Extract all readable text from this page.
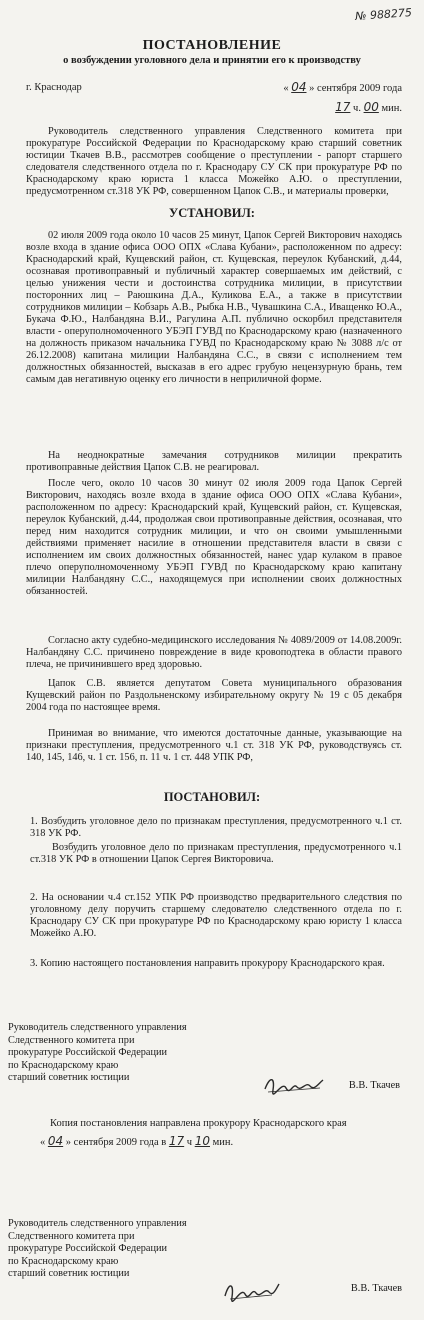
№ 988275
ПОСТАНОВЛЕНИЕ
о возбуждении уголовного дела и принятии его к производству
г. Краснодар	« 04 » сентября 2009 года
17 ч. 00 мин.

Руководитель следственного управления Следственного комитета при прокуратуре Российской Федерации по Краснодарскому краю старший советник юстиции Ткачев В.В., рассмотрев сообщение о преступлении - рапорт старшего следователя следственного отдела по г. Краснодару СУ СК при прокуратуре РФ по Краснодарскому краю юриста 1 класса Можейко А.Ю. о преступлении, предусмотренном ст.318 УК РФ, совершенном Цапок С.В., и материалы проверки,

УСТАНОВИЛ:

02 июля 2009 года около 10 часов 25 минут, Цапок Сергей Викторович находясь возле входа в здание офиса ООО ОПХ «Слава Кубани», расположенном по адресу: Краснодарский край, Кущевский район, ст. Кущевская, переулок Кубанский, д.44, осознавая противоправный и публичный характер совершаемых им действий, с целью унижения чести и достоинства сотрудника милиции, в присутствии посторонних лиц – Раюшкина Д.А., Куликова Е.А., а также в присутствии сотрудников милиции – Кобзарь А.В., Рыбка Н.В., Чувашкина С.А., Иващенко Ю.А., Букача Ф.Ю., Налбандяна В.И., Рагулина А.П. публично оскорбил представителя власти - оперуполномоченного УБЭП ГУВД по Краснодарскому краю (назначенного на должность приказом начальника ГУВД по Краснодарскому краю № 3088 л/с от 26.12.2008) капитана милиции Налбандяна С.С., в связи с исполнением тем должностных обязанностей, высказав в его адрес грубую нецензурную брань, тем самым дав негативную оценку его личности в неприличной форме.

На неоднократные замечания сотрудников милиции прекратить противоправные действия Цапок С.В. не реагировал.

После чего, около 10 часов 30 минут 02 июля 2009 года Цапок Сергей Викторович, находясь возле входа в здание офиса ООО ОПХ «Слава Кубани», расположенном по адресу: Краснодарский край, Кущевский район, ст. Кущевская, переулок Кубанский, д.44, продолжая свои противоправные действия, осознавая, что перед ним находится сотрудник милиции, и что он своими умышленными действиями применяет насилие в отношении представителя власти в связи с исполнением им своих должностных обязанностей, нанес удар кулаком в правое плечо оперуполномоченному УБЭП ГУВД по Краснодарскому краю капитану милиции Налбандяну С.С., находящемуся при исполнении своих должностных обязанностей.

Согласно акту судебно-медицинского исследования № 4089/2009 от 14.08.2009г. Налбандяну С.С. причинено повреждение в виде кровоподтека в области правого плеча, не причинившего вред здоровью.

Цапок С.В. является депутатом Совета муниципального образования Кущевский район по Раздольненскому избирательному округу № 19 с 05 декабря 2004 года по настоящее время.

Принимая во внимание, что имеются достаточные данные, указывающие на признаки преступления, предусмотренного ч.1 ст. 318 УК РФ, руководствуясь ст. 140, 145, 146, ч. 1 ст. 156, п. 11 ч. 1 ст. 448 УПК РФ,

ПОСТАНОВИЛ:

1. Возбудить уголовное дело по признакам преступления, предусмотренного ч.1 ст. 318 УК РФ.

Возбудить уголовное дело по признакам преступления, предусмотренного ч.1 ст.318 УК РФ в отношении Цапок Сергея Викторовича.

2. На основании ч.4 ст.152 УПК РФ производство предварительного следствия по уголовному делу поручить старшему следователю следственного отдела по г. Краснодару СУ СК при прокуратуре РФ по Краснодарскому краю юристу 1 класса Можейко А.Ю.

3. Копию настоящего постановления направить прокурору Краснодарского края.

Руководитель следственного управления
Следственного комитета при
прокуратуре Российской Федерации
по Краснодарскому краю
старший советник юстиции
В.В. Ткачев
Копия постановления направлена прокурору Краснодарского края
« 04 » сентября 2009 года в 17 ч 10 мин.
Руководитель следственного управления
Следственного комитета при
прокуратуре Российской Федерации
по Краснодарскому краю
старший советник юстиции
В.В. Ткачев
